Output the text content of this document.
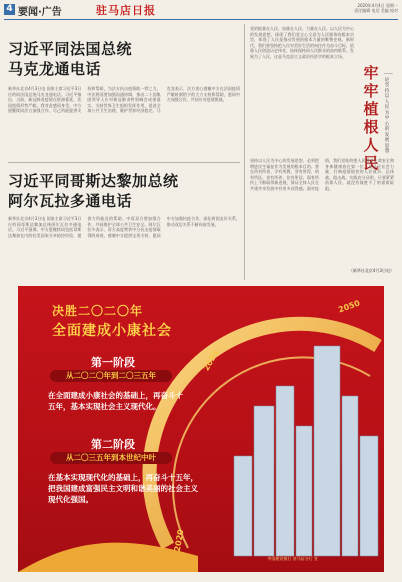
4 要闻·广告	驻马店日报	2020年4月4日 星期一
责任编辑 电话 美编 校对
习近平同法国总统
马克龙通电话
新华社北京4月3日电 国家主席习近平3日应约同法国总统马克龙通电话。习近平指出，当前，新冠肺炎疫情在欧洲蔓延，法国疫情形势严峻，我对此感同身受。中方愿继续同法方加强合作，尽己所能提供支持和帮助，为法方抗击疫情助一臂之力。中法两国要加强沟通协调，推动二十国集团领导人应对新冠肺炎特别峰会成果落实，支持世界卫生组织发挥作用，促进全球公共卫生治理，维护世界经济稳定。马克龙表示，法方衷心感谢中方在法国疫情严峻时刻给予的大力支持和帮助，愿同中方加强合作，共同应对疫情挑战。
习近平同哥斯达黎加总统
阿尔瓦拉多通电话
新华社北京4月3日电 国家主席习近平3日应约同哥斯达黎加总统阿尔瓦拉多通电话。习近平强调，中方愿继续同包括哥斯达黎加在内的拉美国家分享防控经验，提供力所能及的帮助。中哥双方要加强合作，共同维护全球公共卫生安全。阿尔瓦拉多表示，哥方高度赞赏中方抗击疫情取得的成效，感谢中方提供宝贵支持，愿同中方加强抗疫合作，深化两国友好关系，推动双边关系不断向前发展。
党的根基在人民、血脉在人民、力量在人民。以人民为中心的发展思想，体现了我们党全心全意为人民服务的根本宗旨，体现了人民是推动发展的根本力量的唯物史观。新时代，我们要坚持把人民对美好生活的向往作为奋斗目标，依靠人民创造历史伟业，始终保持同人民群众的血肉联系。发展为了人民，这是马克思主义政治经济学的根本立场。
牢牢植根人民
——论坚持以人民为中心的发展思想
坚持以人民为中心的发展思想，必须把增进民生福祉作为发展的根本目的。要在幼有所育、学有所教、劳有所得、病有所医、老有所养、住有所居、弱有所扶上不断取得新进展，保证全体人民在共建共享发展中有更多获得感。面对疫情，我们党始终把人民群众生命安全和身体健康放在第一位，动员全社会力量，打响疫情防控的人民战争、总体战、阻击战。实践充分证明，只要紧紧依靠人民，就没有战胜不了的艰难险阻。
（新华社北京4月3日电）
决胜二〇二〇年
全面建成小康社会
第一阶段
从二〇二〇年到二〇三五年
在全面建成小康社会的基础上，再奋斗十五年，基本实现社会主义现代化。
第二阶段
从二〇三五年到本世纪中叶
在基本实现现代化的基础上，再奋斗十五年，把我国建成富强民主文明和谐美丽的社会主义现代化强国。
2035
2050
2020
中国建设银行 驻马店分行 宣
